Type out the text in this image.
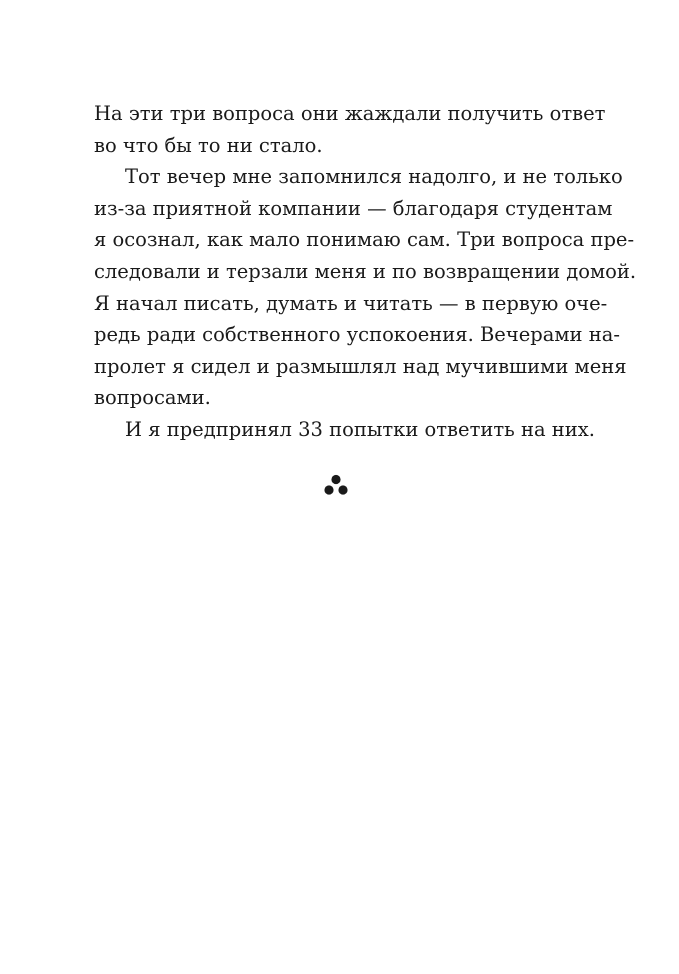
На эти три вопроса они жаждали получить ответ
во что бы то ни стало.
Тот вечер мне запомнился надолго, и не только
из-за приятной компании — благодаря студентам
я осознал, как мало понимаю сам. Три вопроса пре-
следовали и терзали меня и по возвращении домой.
Я начал писать, думать и читать — в первую оче-
редь ради собственного успокоения. Вечерами на-
пролет я сидел и размышлял над мучившими меня
вопросами.
И я предпринял 33 попытки ответить на них.
